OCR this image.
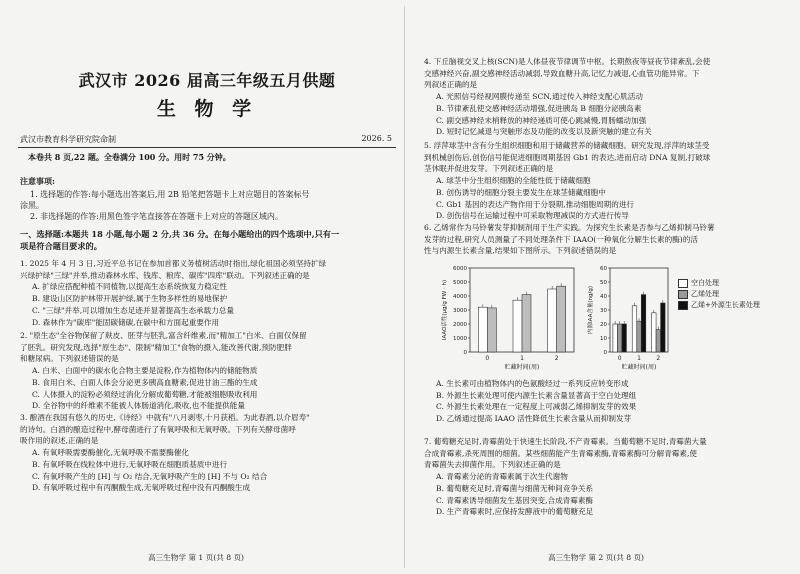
武汉市 2026 届高三年级五月供题
生 物 学
武汉市教育科学研究院命制	2026. 5
本卷共 8 页,22 题。全卷满分 100 分。用时 75 分钟。

注意事项:

1. 选择题的作答:每小题选出答案后,用 2B 铅笔把答题卡上对应题目的答案标号

涂黑。

2. 非选择题的作答:用黑色签字笔直接答在答题卡上对应的答题区域内。

一、选择题:本题共 18 小题,每小题 2 分,共 36 分。在每小题给出的四个选项中,只有一

项是符合题目要求的。

1. 2025 年 4 月 3 日,习近平总书记在参加首都义务植树活动时指出,绿化祖国必须坚持扩绿

兴绿护绿"三绿"并举,推动森林水库、钱库、粮库、碳库"四库"联动。下列叙述正确的是

A. 扩绿应搭配种植不同植物,以提高生态系统恢复力稳定性

B. 建设山区防护林带开展护绿,属于生物多样性的易地保护

C. "三绿"并举,可以增加生态足迹并显著提高生态承载力总量

D. 森林作为"碳库"能固碳储碳,在碳中和方面起重要作用

2. "原生态"全谷物保留了麸皮、胚芽与胚乳,富含纤维素,而"精加工"白米、白面仅保留

了胚乳。研究发现,选择"原生态"、限制"精加工"食物的摄入,能改善代谢,预防肥胖

和糖尿病。下列叙述错误的是

A. 白米、白面中的碳水化合物主要是淀粉,作为植物体内的储能物质

B. 食用白米、白面人体会分泌更多胰高血糖素,促进甘油三酯的生成

C. 人体摄入的淀粉必须经过消化分解成葡萄糖,才能被细胞吸收利用

D. 全谷物中的纤维素不能被人体肠道消化,吸收,也不能提供能量

3. 酿酒在我国有悠久的历史,《诗经》中就有"八月剥枣,十月获稻。为此春酒,以介眉寿"

的诗句。白酒的酿造过程中,酵母菌进行了有氧呼吸和无氧呼吸。下列有关酵母菌呼

吸作用的叙述,正确的是

A. 有氧呼吸需要酶催化,无氧呼吸不需要酶催化

B. 有氧呼吸在线粒体中进行,无氧呼吸在细胞质基质中进行

C. 有氧呼吸产生的 [H] 与 O₂ 结合,无氧呼吸产生的 [H] 不与 O₂ 结合

D. 有氧呼吸过程中有丙酮酸生成,无氧呼吸过程中没有丙酮酸生成

高三生物学 第 1 页(共 8 页)

4. 下丘脑视交叉上核(SCN)是人体昼夜节律调节中枢。长期熬夜等昼夜节律紊乱,会使

交感神经兴奋,副交感神经活动减弱,导致血糖升高,记忆力减退,心血管功能异常。下

列叙述正确的是

A. 光照信号经视网膜传递至 SCN,通过传入神经支配心肌活动

B. 节律紊乱使交感神经活动增强,促进胰岛 B 细胞分泌胰岛素

C. 副交感神经末梢释放的神经递质可使心跳减慢,胃肠蠕动加强

D. 短时记忆减退与突触形态及功能的改变以及新突触的建立有关

5. 浮萍球茎中含有分生组织细胞和用于储藏营养的储藏细胞。研究发现,浮萍的球茎受

到机械创伤后,创伤信号能促进细胞周期基因 Gb1 的表达,进而启动 DNA 复制,打破球

茎休眠并促进发芽。下列叙述正确的是

A. 球茎中分生组织细胞的全能性低于储藏细胞

B. 创伤诱导的细胞分裂主要发生在球茎储藏细胞中

C. Gb1 基因的表达产物作用于分裂期,推动细胞周期的进行

D. 创伤信号在运输过程中可采取物理减误的方式进行传导

6. 乙烯常作为马铃薯发芽抑制剂用于生产实践。为探究生长素是否参与乙烯抑制马铃薯

发芽的过程,研究人员测量了不同处理条件下 IAAO(一种氧化分解生长素的酶)的活

性与内源生长素含量,结果如下图所示。下列叙述错误的是

0
1000
2000
3000
4000
5000
6000
IAAO活性(μg/g FW · h)
0	1	2
贮藏时间(周)
0
10
20
30
40
50
60
内源IAA含量(ng/g)
0	1	2
贮藏时间(周)
空白处理
乙烯处理
乙烯+外源生长素处理

A. 生长素可由植物体内的色氨酸经过一系列反应转变形成

B. 外源生长素处理可使内源生长素含量显著高于空白处理组

C. 外源生长素处理在一定程度上可减弱乙烯抑制发芽的效果

D. 乙烯通过提高 IAAO 活性降低生长素含量从而抑制发芽

7. 葡萄糖充足时,青霉菌处于快速生长阶段,不产青霉素。当葡萄糖不足时,青霉菌大量

合成青霉素,杀死周围的细菌。某些细菌能产生青霉素酶,青霉素酶可分解青霉素,使

青霉菌失去抑菌作用。下列叙述正确的是

A. 青霉素分泌的青霉素属于次生代谢物

B. 葡萄糖充足时,青霉菌与细菌无种间竞争关系

C. 青霉素诱导细菌发生基因突变,合成青霉素酶

D. 生产青霉素时,应保持发酵液中的葡萄糖充足

高三生物学 第 2 页(共 8 页)
